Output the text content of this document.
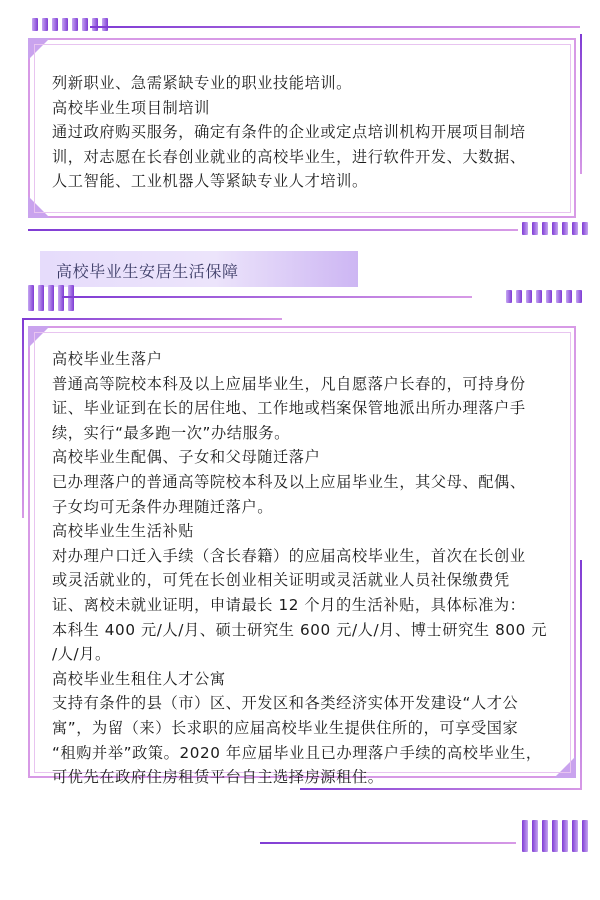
列新职业、急需紧缺专业的职业技能培训。

高校毕业生项目制培训

通过政府购买服务，确定有条件的企业或定点培训机构开展项目制培

训，对志愿在长春创业就业的高校毕业生，进行软件开发、大数据、

人工智能、工业机器人等紧缺专业人才培训。

高校毕业生安居生活保障

高校毕业生落户

普通高等院校本科及以上应届毕业生，凡自愿落户长春的，可持身份

证、毕业证到在长的居住地、工作地或档案保管地派出所办理落户手

续，实行“最多跑一次”办结服务。

高校毕业生配偶、子女和父母随迁落户

已办理落户的普通高等院校本科及以上应届毕业生，其父母、配偶、

子女均可无条件办理随迁落户。

高校毕业生生活补贴

对办理户口迁入手续（含长春籍）的应届高校毕业生，首次在长创业

或灵活就业的，可凭在长创业相关证明或灵活就业人员社保缴费凭

证、离校未就业证明，申请最长 12 个月的生活补贴，具体标准为：

本科生 400 元/人/月、硕士研究生 600 元/人/月、博士研究生 800 元

/人/月。

高校毕业生租住人才公寓

支持有条件的县（市）区、开发区和各类经济实体开发建设“人才公

寓”，为留（来）长求职的应届高校毕业生提供住所的，可享受国家

“租购并举”政策。2020 年应届毕业且已办理落户手续的高校毕业生，

可优先在政府住房租赁平台自主选择房源租住。
